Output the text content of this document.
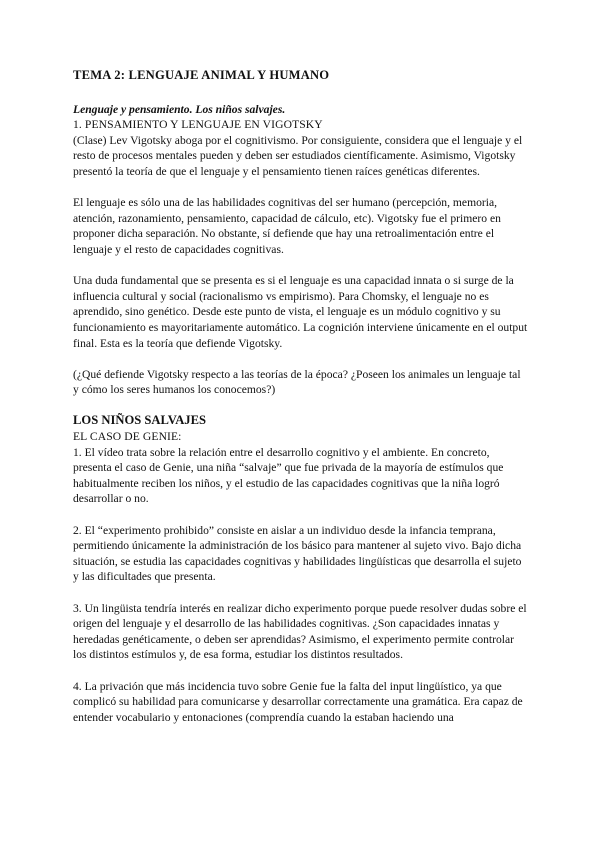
TEMA 2: LENGUAJE ANIMAL Y HUMANO
Lenguaje y pensamiento. Los niños salvajes.
1. PENSAMIENTO Y LENGUAJE EN VIGOTSKY

(Clase) Lev Vigotsky aboga por el cognitivismo. Por consiguiente, considera que el lenguaje y el resto de procesos mentales pueden y deben ser estudiados científicamente. Asimismo, Vigotsky presentó la teoría de que el lenguaje y el pensamiento tienen raíces genéticas diferentes.

El lenguaje es sólo una de las habilidades cognitivas del ser humano (percepción, memoria, atención, razonamiento, pensamiento, capacidad de cálculo, etc). Vigotsky fue el primero en proponer dicha separación. No obstante, sí defiende que hay una retroalimentación entre el lenguaje y el resto de capacidades cognitivas.

Una duda fundamental que se presenta es si el lenguaje es una capacidad innata o si surge de la influencia cultural y social (racionalismo vs empirismo). Para Chomsky, el lenguaje no es aprendido, sino genético. Desde este punto de vista, el lenguaje es un módulo cognitivo y su funcionamiento es mayoritariamente automático. La cognición interviene únicamente en el output final. Esta es la teoría que defiende Vigotsky.

(¿Qué defiende Vigotsky respecto a las teorías de la época? ¿Poseen los animales un lenguaje tal y cómo los seres humanos los conocemos?)

LOS NIÑOS SALVAJES
EL CASO DE GENIE:

1. El vídeo trata sobre la relación entre el desarrollo cognitivo y el ambiente. En concreto, presenta el caso de Genie, una niña “salvaje” que fue privada de la mayoría de estímulos que habitualmente reciben los niños, y el estudio de las capacidades cognitivas que la niña logró desarrollar o no.

2. El “experimento prohibido” consiste en aislar a un individuo desde la infancia temprana, permitiendo únicamente la administración de los básico para mantener al sujeto vivo. Bajo dicha situación, se estudia las capacidades cognitivas y habilidades lingüísticas que desarrolla el sujeto y las dificultades que presenta.

3. Un lingüista tendría interés en realizar dicho experimento porque puede resolver dudas sobre el origen del lenguaje y el desarrollo de las habilidades cognitivas. ¿Son capacidades innatas y heredadas genéticamente, o deben ser aprendidas? Asimismo, el experimento permite controlar los distintos estímulos y, de esa forma, estudiar los distintos resultados.

4. La privación que más incidencia tuvo sobre Genie fue la falta del input lingüístico, ya que complicó su habilidad para comunicarse y desarrollar correctamente una gramática. Era capaz de entender vocabulario y entonaciones (comprendía cuando la estaban haciendo una
